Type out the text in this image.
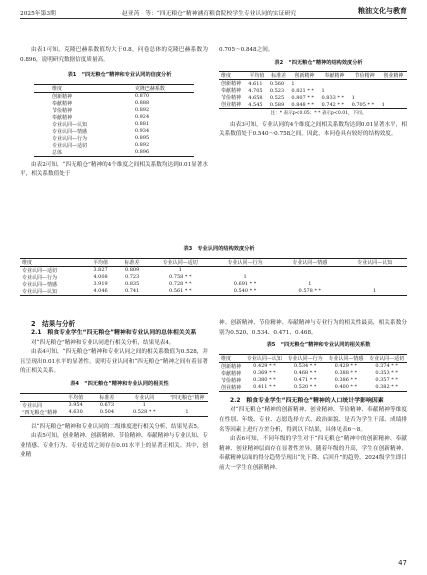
2025年第3期	赵亚芮　等：“四无粮仓”精神涵育粮食院校学生专业认同的实证研究	粮油文化与教育

由表1可知，克隆巴赫系数值均大于0.8，问卷总体的克隆巴赫系数为0.896，说明研究数据信度质量高。

表1　“四无粮仓”精神和专业认同的信度分析

维度	克隆巴赫系数
创新精神	0.870
奉献精神	0.888
节俭精神	0.892
奉献精神	0.924
专业认同—认知	0.881
专业认同—情感	0.934
专业认同—行为	0.895
专业认同—适切	0.892
总体	0.896

由表2可知，“四无粮仓”精神的4个维度之间相关系数均达到0.01显著水平，相关系数值处于

0.705～0.848之间。

表2　“四无粮仓”精神的结构效度分析

维度	平均值	标准差	创新精神	奉献精神	节俭精神	创业精神
创新精神	4.611	0.560	1			
奉献精神	4.705	0.523	0.821 * *	1		
节俭精神	4.658	0.525	0.807 * *	0.833 * *	1	
创业精神	4.545	0.589	0.848 * *	0.742 * *	0.705 * *	1

注：* 表示p<0.05；* * 表示p<0.01，下同。

由表3可知，专业认同的4个维度之间相关系数均达到0.01显著水平，相关系数值处于0.540～0.758之间。因此，本问卷具有较好的结构效度。

表3　专业认同的结构效度分析

维度	平均值	标准差	专业认同—适切	专业认同—行为	专业认同—情感	专业认同—认知
专业认同—适切	3.827	0.809	1			
专业认同—行为	4.008	0.723	0.758 * *	1		
专业认同—情感	3.919	0.835	0.728 * *	0.691 * *	1	
专业认同—认知	4.046	0.741	0.561 * *	0.540 * *	0.578 * *	1

2　结果与分析

2.1　粮食专业学生“四无粮仓”精神和专业认同的总体相关关系

对“四无粮仓”精神和专业认同进行相关分析，结果见表4。

由表4可知，“四无粮仓”精神和专业认同之间的相关系数值为0.528，并且呈现出0.01水平的显著性，说明专业认同和“四无粮仓”精神之间有着显著的正相关关系。

表4　“四无粮仓”精神和专业认同的相关性

	平均值	标准差	专业认同	“四无粮仓”精神
专业认同	3.954	0.673	1	
“四无粮仓”精神	4.630	0.504	0.528 * *	1

以“四无粮仓”精神和专业认同的二级维度进行相关分析，结果见表5。

由表5可知，创业精神、创新精神、节俭精神、奉献精神与专业认知、专业情感、专业行为、专业适切之间存在0.01水平上的显著正相关。其中，创业精

神、创新精神、节俭精神、奉献精神与专业行为的相关性最高，相关系数分别为0.520、0.534、0.471、0.468。

表5　“四无粮仓”精神和专业认同的相关系数

维度	专业认同—认知	专业认同—行为	专业认同—情感	专业认同—适切
创新精神	0.429 * *	0.534 * *	0.429 * *	0.374 * *
奉献精神	0.369 * *	0.468 * *	0.388 * *	0.353 * *
节俭精神	0.380 * *	0.471 * *	0.386 * *	0.357 * *
创业精神	0.411 * *	0.520 * *	0.400 * *	0.382 * *

2.2　粮食专业学生“四无粮仓”精神的人口统计学影响因素

对“四无粮仓”精神的创新精神、创业精神、节俭精神、奉献精神等维度在性别、年级、专业、志愿选择方式、政治面貌、是否为学生干部、成绩排名等因素上进行方差分析，得到以下结果，具体见表6～8。

由表6可知，不同年级的学生对于“四无粮仓”精神中的创新精神、奉献精神、创业精神层面存在显著性差异。随着年级的升高，学生在创新精神、奉献精神层面的得分趋势呈现出“先下降、后回升”的趋势，2024级学生即目前大一学生在创新精神、

47
